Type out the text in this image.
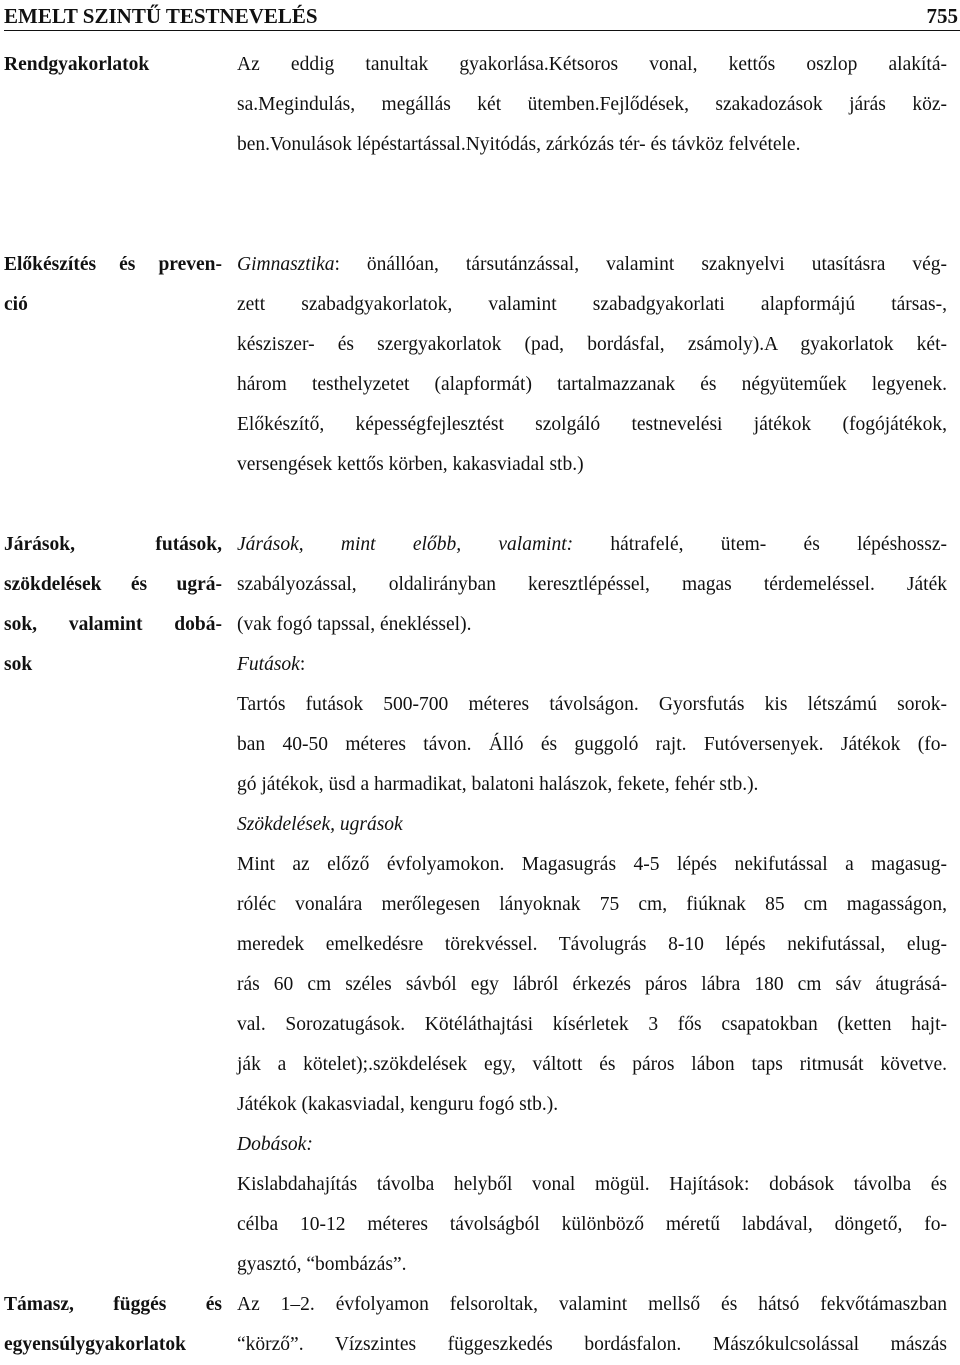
EMELT SZINTŰ TESTNEVELÉS	755
Rendgyakorlatok	Az eddig tanultak gyakorlása.Kétsoros vonal, kettős oszlop alakítá-
sa.Megindulás, megállás két ütemben.Fejlődések, szakadozások járás köz-
ben.Vonulások lépéstartással.Nyitódás, zárkózás tér- és távköz felvétele.
Előkészítés és preven-
ció
Gimnasztika: önállóan, társutánzással, valamint szaknyelvi utasításra vég-
zett szabadgyakorlatok, valamint szabadgyakorlati alapformájú társas-,
késziszer- és szergyakorlatok (pad, bordásfal, zsámoly).A gyakorlatok két-
három testhelyzetet (alapformát) tartalmazzanak és négyüteműek legyenek.
Előkészítő, képességfejlesztést szolgáló testnevelési játékok (fogójátékok,
versengések kettős körben, kakasviadal stb.)
Járások, futások,
szökdelések és ugrá-
sok, valamint dobá-
sok
Járások, mint előbb, valamint: hátrafelé, ütem- és lépéshossz-
szabályozással, oldalirányban keresztlépéssel, magas térdemeléssel. Játék
(vak fogó tapssal, énekléssel).
Futások:
Tartós futások 500-700 méteres távolságon. Gyorsfutás kis létszámú sorok-
ban 40-50 méteres távon. Álló és guggoló rajt. Futóversenyek. Játékok (fo-
gó játékok, üsd a harmadikat, balatoni halászok, fekete, fehér stb.).
Szökdelések, ugrások
Mint az előző évfolyamokon. Magasugrás 4-5 lépés nekifutással a magasug-
róléc vonalára merőlegesen lányoknak 75 cm, fiúknak 85 cm magasságon,
meredek emelkedésre törekvéssel. Távolugrás 8-10 lépés nekifutással, elug-
rás 60 cm széles sávból egy lábról érkezés páros lábra 180 cm sáv átugrásá-
val. Sorozatugások. Kötéláthajtási kísérletek 3 fős csapatokban (ketten hajt-
ják a kötelet);.szökdelések egy, váltott és páros lábon taps ritmusát követve.
Játékok (kakasviadal, kenguru fogó stb.).
Dobások:
Kislabdahajítás távolba helyből vonal mögül. Hajítások: dobások távolba és
célba 10-12 méteres távolságból különböző méretű labdával, döngető, fo-
gyasztó, “bombázás”.
Támasz, függés és
egyensúlygyakorlatok
Az 1–2. évfolyamon felsoroltak, valamint mellső és hátsó fekvőtámaszban
“körző”. Vízszintes függeszkedés bordásfalon. Mászókulcsolással mászás
